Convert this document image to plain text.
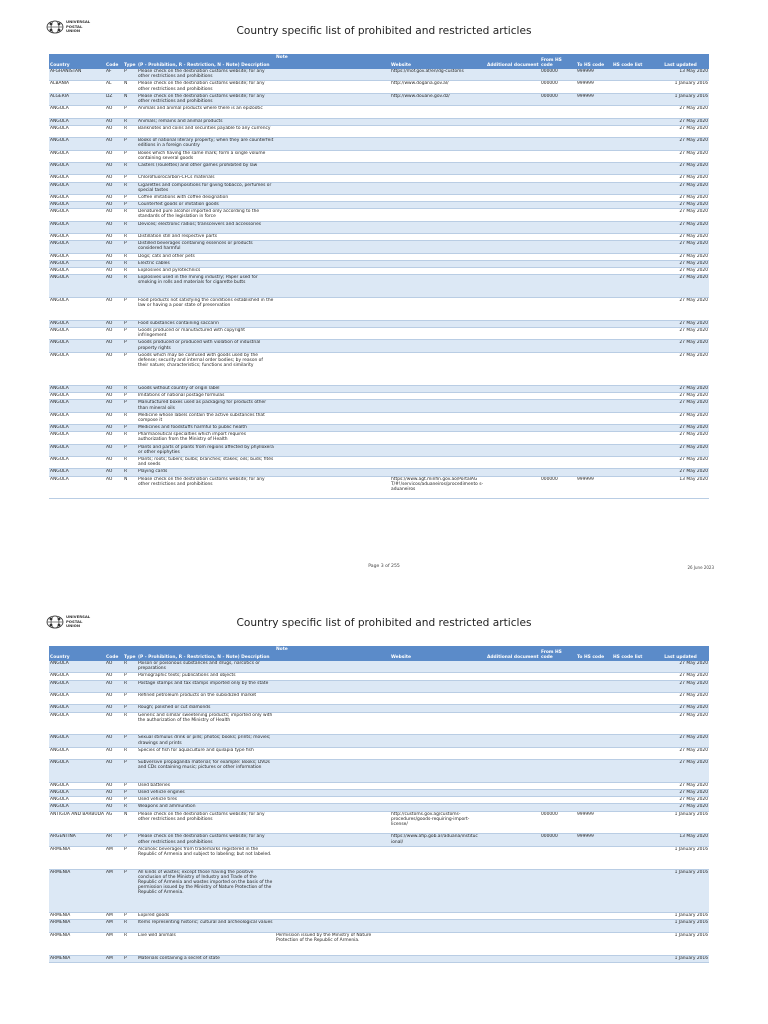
UNIVERSAL
POSTAL
UNION	Country specific list of prohibited and restricted articles
Country	Code	Type	(P - Prohibition, R - Restriction, N - Note) Description	Note	Website	Additional document	From HS code	To HS code	HS code list	Last updated
AFGHANISTAN	AF	P	Please check on the destination customs website; for any other restrictions and prohibitions		https://mof.gov.af/en/dg-customs		000000	999999		13 May 2020
ALBANIA	AL	N	Please check on the destination customs website; for any other restrictions and prohibitions		http://www.dogana.gov.al/		000000	999999		1 January 2016
ALGERIA	DZ	N	Please check on the destination customs website; for any other restrictions and prohibitions		http://www.douane.gov.dz/		000000	999999		1 January 2016
ANGOLA	AO	P	Animals and animal products where there is an epizootic							27 May 2020
ANGOLA	AO	R	Animals; remains and animal products							27 May 2020
ANGOLA	AO	R	Banknotes and coins and securities payable to any currency							27 May 2020
ANGOLA	AO	P	Books of national literary property; when they are counterfeit editions in a foreign country							27 May 2020
ANGOLA	AO	P	Boxes which having the same mark; form a single volume containing several goods							27 May 2020
ANGOLA	AO	R	Casters (roulettes) and other games prohibited by law							27 May 2020
ANGOLA	AO	P	Chlorofluorocarbon-CFCs materials							27 May 2020
ANGOLA	AO	R	Cigarettes and compositions for giving tobacco, perfumes or special tastes							27 May 2020
ANGOLA	AO	P	Coffee imitations with coffee designation							27 May 2020
ANGOLA	AO	P	Counterfeit goods or imitation goods							27 May 2020
ANGOLA	AO	R	Denatured pure alcohol imported only according to the standards of the legislation in force							27 May 2020
ANGOLA	AO	R	Devices; electronic radios; transceivers and accessories							27 May 2020
ANGOLA	AO	R	Distillation still and respective parts							27 May 2020
ANGOLA	AO	P	Distilled beverages containing essences or products considered harmful							27 May 2020
ANGOLA	AO	R	Dogs; cats and other pets							27 May 2020
ANGOLA	AO	R	Electric cables							27 May 2020
ANGOLA	AO	R	Explosives and pyrotechnics							27 May 2020
ANGOLA	AO	R	Explosives used in the mining industry; Paper used for smoking in rolls and materials for cigarette butts							27 May 2020
ANGOLA	AO	P	Food products not satisfying the conditions established in the law or having a poor state of preservation							27 May 2020
ANGOLA	AO	P	Food substances containing saccarin							27 May 2020
ANGOLA	AO	P	Goods produced or manufactured with copyright infringement							27 May 2020
ANGOLA	AO	P	Goods produced or produced with violation of industrial property rights							27 May 2020
ANGOLA	AO	P	Goods which may be confused with goods used by the defense; security and internal order bodies; by reason of their nature; characteristics; functions and similarity							27 May 2020
ANGOLA	AO	R	Goods without country of origin label							27 May 2020
ANGOLA	AO	P	Imitations of national postage formulas							27 May 2020
ANGOLA	AO	P	Manufactured boxes used as packaging for products other than mineral oils							27 May 2020
ANGOLA	AO	R	Medicine whose labels contain the active substances that compose it							27 May 2020
ANGOLA	AO	P	Medicines and foodstuffs harmful to public health							27 May 2020
ANGOLA	AO	R	Pharmaceutical specialties which import requires authorization from the Ministry of Health							27 May 2020
ANGOLA	AO	P	Plants and parts of plants from regions affected by phylloxera or other epiphyties							27 May 2020
ANGOLA	AO	R	Plants; roots; tubers; bulbs; branches; stakes; oils; buds; fitês and seeds							27 May 2020
ANGOLA	AO	R	Playing cards							27 May 2020
ANGOLA	AO	N	Please check on the destination customs website; for any other restrictions and prohibitions		https://www.agt.minfin.gov.ao/PortalAG T/#!/servicos/aduaneiros/procedimento s-aduaneiros		000000	999999		13 May 2020
Page 3 of 255	26 June 2023
UNIVERSAL
POSTAL
UNION	Country specific list of prohibited and restricted articles
Country	Code	Type	(P - Prohibition, R - Restriction, N - Note) Description	Note	Website	Additional document	From HS code	To HS code	HS code list	Last updated
ANGOLA	AO	R	Poison or poisonous substances and drugs, narcotics or preparations							27 May 2020
ANGOLA	AO	P	Pornographic texts; publications and objects							27 May 2020
ANGOLA	AO	R	Postage stamps and tax stamps imported only by the state							27 May 2020
ANGOLA	AO	P	Refined petroleum products on the subsidized market							27 May 2020
ANGOLA	AO	P	Rough; polished or cut diamonds							27 May 2020
ANGOLA	AO	R	Generic and similar sweetening products; imported only with the authorization of the Ministry of Health							27 May 2020
ANGOLA	AO	P	Sexual stimulus drink or pills; photos; books; prints; movies; drawings and prints							27 May 2020
ANGOLA	AO	R	Species of fish for aquaculture and quilapia type fish							27 May 2020
ANGOLA	AO	P	Subversive propaganda material; for example: Books; DVDs and CDs containing music; pictures or other information							27 May 2020
ANGOLA	AO	P	Used batteries							27 May 2020
ANGOLA	AO	P	Used vehicle engines							27 May 2020
ANGOLA	AO	P	Used vehicle tires							27 May 2020
ANGOLA	AO	R	Weapons and ammunition							27 May 2020
ANTIGUA AND BARBUDA	AG	N	Please check on the destination customs website; for any other restrictions and prohibitions		http://customs.gov.ag/customs-procedures/goods-requiring-import-license/		000000	999999		1 January 2016
ARGENTINA	AR	P	Please check on the destination customs website; for any other restrictions and prohibitions		https://www.afip.gob.ar/aduana/instituc ional/		000000	999999		13 May 2020
ARMENIA	AM	P	Alcoholic beverages from trademarks registered in the Republic of Armenia and subject to labeling; but not labeled.							1 January 2016
ARMENIA	AM	P	All kinds of wastes; except those having the positive conclusion of the Ministry of Industry and Trade of the Republic of Armenia and wastes imported on the basis of the permission issued by the Ministry of Nature Protection of the Republic of Armenia.							1 January 2016
ARMENIA	AM	P	Expired goods							1 January 2016
ARMENIA	AM	R	Items representing historic; cultural and archeological values							1 January 2016
ARMENIA	AM	R	Live wild animals	Permission issued by the Ministry of Nature Protection of the Republic of Armenia.						1 January 2016
ARMENIA	AM	P	Materials containing a secret of state							1 January 2016
